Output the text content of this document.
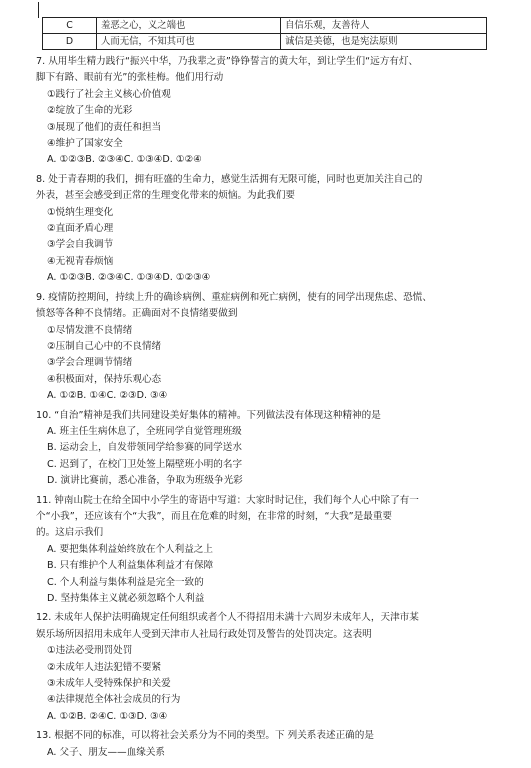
C	羞恶之心，义之端也	自信乐观，友善待人
D	人而无信，不知其可也	诚信是美德，也是宪法原则
7. 从用毕生精力践行“振兴中华，乃我辈之责”铮铮誓言的黄大年，到让学生们“远方有灯、
脚下有路、眼前有光”的张桂梅。他们用行动
①践行了社会主义核心价值观
②绽放了生命的光彩
③展现了他们的责任和担当
④维护了国家安全
A. ①②③B. ②③④C. ①③④D. ①②④
8. 处于青春期的我们，拥有旺盛的生命力，感觉生活拥有无限可能，同时也更加关注自己的
外表，甚至会感受到正常的生理变化带来的烦恼。为此我们要
①悦纳生理变化
②直面矛盾心理
③学会自我调节
④无视青春烦恼
A. ①②③B. ②③④C. ①③④D. ①②③④
9. 疫情防控期间，持续上升的确诊病例、重症病例和死亡病例，使有的同学出现焦虑、恐慌、
愤怒等各种不良情绪。正确面对不良情绪要做到
①尽情发泄不良情绪
②压制自己心中的不良情绪
③学会合理调节情绪
④积极面对，保持乐观心态
A. ①②B. ①④C. ②③D. ③④
10. “自治”精神是我们共同建设美好集体的精神。下列做法没有体现这种精神的是
A. 班主任生病休息了，全班同学自觉管理班级
B. 运动会上，自发带领同学给参赛的同学送水
C. 迟到了，在校门卫处签上隔壁班小明的名字
D. 演讲比赛前，悉心准备，争取为班级争光彩
11. 钟南山院士在给全国中小学生的寄语中写道：大家时时记住，我们每个人心中除了有一
个“小我”，还应该有个“大我”，而且在危难的时刻，在非常的时刻，“大我”是最重要
的。这启示我们
A. 要把集体利益始终放在个人利益之上
B. 只有维护个人利益集体利益才有保障
C. 个人利益与集体利益是完全一致的
D. 坚持集体主义就必须忽略个人利益
12. 未成年人保护法明确规定任何组织或者个人不得招用未满十六周岁未成年人，天津市某
娱乐场所因招用未成年人受到天津市人社局行政处罚及警告的处罚决定。这表明
①违法必受刑罚处罚
②未成年人违法犯错不要紧
③未成年人受特殊保护和关爱
④法律规范全体社会成员的行为
A. ①②B. ②④C. ①③D. ③④
13. 根据不同的标准，可以将社会关系分为不同的类型。下 列关系表述正确的是
A. 父子、朋友——血缘关系
